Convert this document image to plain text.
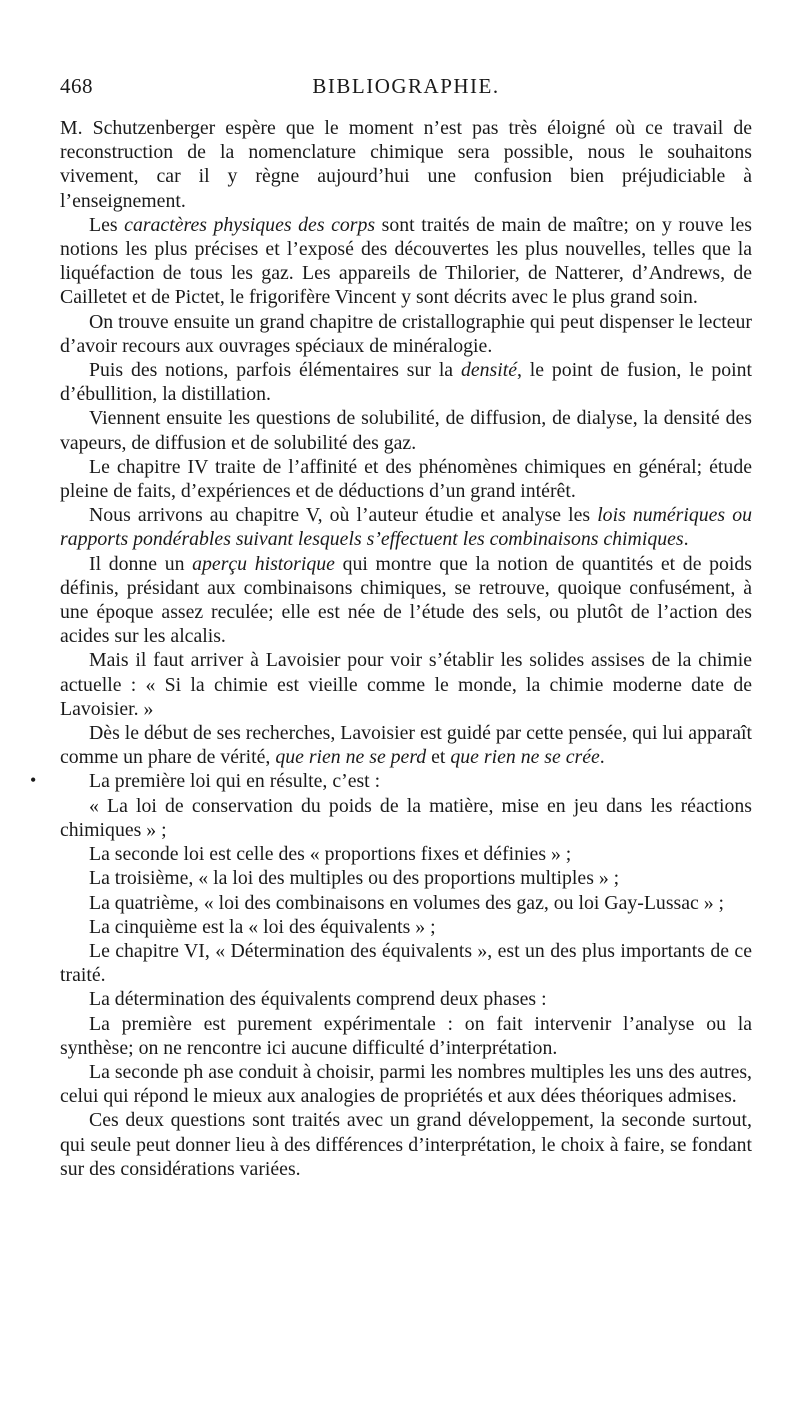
468	BIBLIOGRAPHIE.
•

M. Schutzenberger espère que le moment n’est pas très éloigné où ce travail de reconstruction de la nomenclature chimique sera possible, nous le souhaitons vivement, car il y règne aujourd’hui une confusion bien préjudiciable à l’enseignement.

Les caractères physiques des corps sont traités de main de maître; on y rouve les notions les plus précises et l’exposé des découvertes les plus nouvelles, telles que la liquéfaction de tous les gaz. Les appareils de Thilorier, de Natterer, d’Andrews, de Cailletet et de Pictet, le frigorifère Vincent y sont décrits avec le plus grand soin.

On trouve ensuite un grand chapitre de cristallographie qui peut dispenser le lecteur d’avoir recours aux ouvrages spéciaux de minéralogie.

Puis des notions, parfois élémentaires sur la densité, le point de fusion, le point d’ébullition, la distillation.

Viennent ensuite les questions de solubilité, de diffusion, de dialyse, la densité des vapeurs, de diffusion et de solubilité des gaz.

Le chapitre IV traite de l’affinité et des phénomènes chimiques en général; étude pleine de faits, d’expériences et de déductions d’un grand intérêt.

Nous arrivons au chapitre V, où l’auteur étudie et analyse les lois numériques ou rapports pondérables suivant lesquels s’effectuent les combinaisons chimiques.

Il donne un aperçu historique qui montre que la notion de quantités et de poids définis, présidant aux combinaisons chimiques, se retrouve, quoique confusément, à une époque assez reculée; elle est née de l’étude des sels, ou plutôt de l’action des acides sur les alcalis.

Mais il faut arriver à Lavoisier pour voir s’établir les solides assises de la chimie actuelle : « Si la chimie est vieille comme le monde, la chimie moderne date de Lavoisier. »

Dès le début de ses recherches, Lavoisier est guidé par cette pensée, qui lui apparaît comme un phare de vérité, que rien ne se perd et que rien ne se crée.

La première loi qui en résulte, c’est :

« La loi de conservation du poids de la matière, mise en jeu dans les réactions chimiques » ;

La seconde loi est celle des « proportions fixes et définies » ;

La troisième, « la loi des multiples ou des proportions multiples » ;

La quatrième, « loi des combinaisons en volumes des gaz, ou loi Gay-Lussac » ;

La cinquième est la « loi des équivalents » ;

Le chapitre VI, « Détermination des équivalents », est un des plus importants de ce traité.

La détermination des équivalents comprend deux phases :

La première est purement expérimentale : on fait intervenir l’analyse ou la synthèse; on ne rencontre ici aucune difficulté d’interprétation.

La seconde ph ase conduit à choisir, parmi les nombres multiples les uns des autres, celui qui répond le mieux aux analogies de propriétés et aux dées théoriques admises.

Ces deux questions sont traités avec un grand développement, la seconde surtout, qui seule peut donner lieu à des différences d’interprétation, le choix à faire, se fondant sur des considérations variées.
